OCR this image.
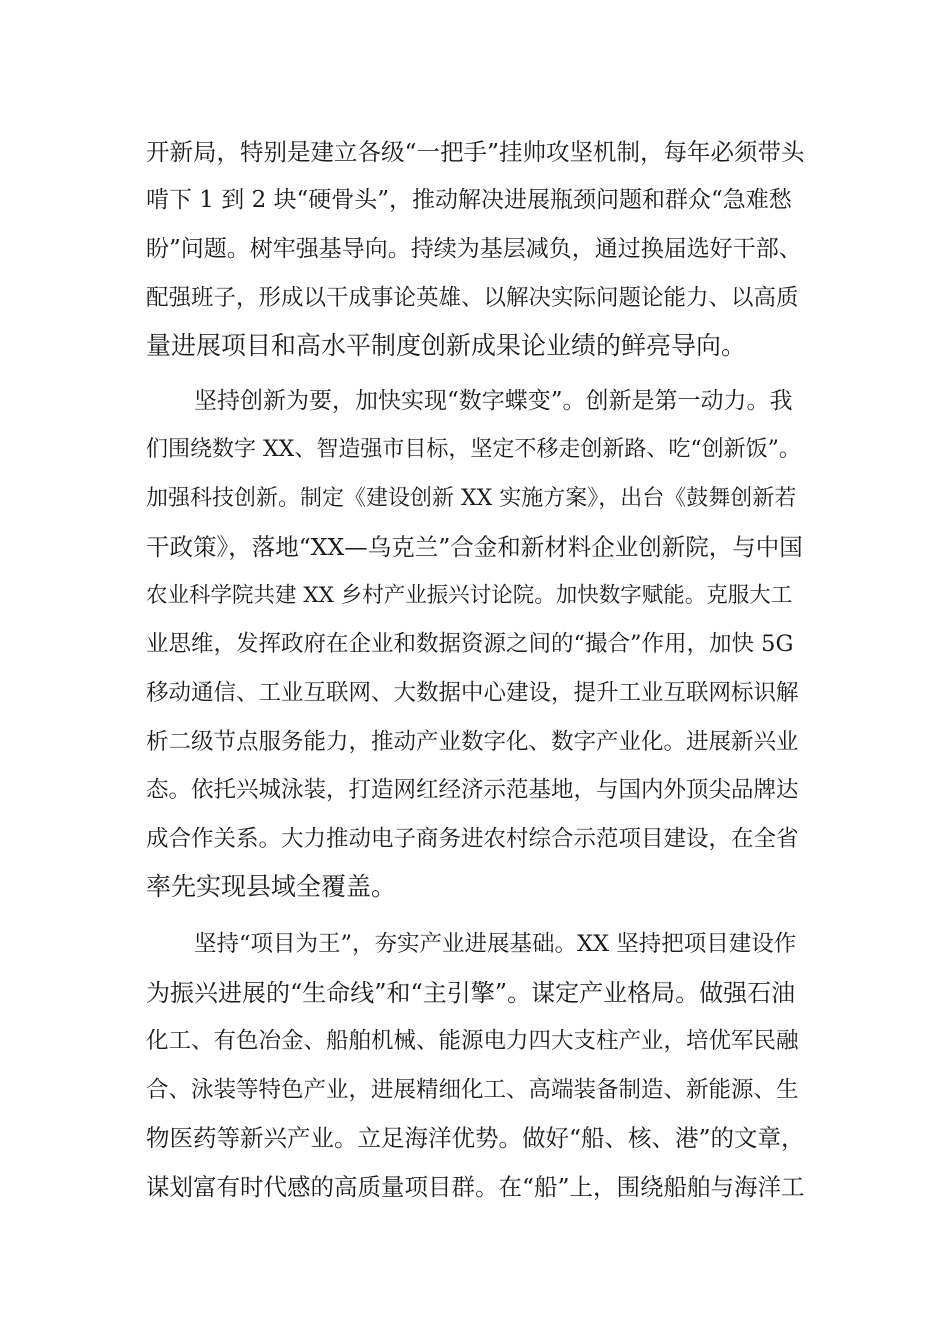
开新局，特别是建立各级“一把手”挂帅攻坚机制，每年必须带头
啃下 1 到 2 块“硬骨头”，推动解决进展瓶颈问题和群众“急难愁
盼”问题。树牢强基导向。持续为基层减负，通过换届选好干部、
配强班子，形成以干成事论英雄、以解决实际问题论能力、以高质
量进展项目和高水平制度创新成果论业绩的鲜亮导向。
坚持创新为要，加快实现“数字蝶变”。创新是第一动力。我
们围绕数字 XX、智造强市目标，坚定不移走创新路、吃“创新饭”。
加强科技创新。制定《建设创新 XX 实施方案》，出台《鼓舞创新若
干政策》，落地“XX—乌克兰”合金和新材料企业创新院，与中国
农业科学院共建 XX 乡村产业振兴讨论院。加快数字赋能。克服大工
业思维，发挥政府在企业和数据资源之间的“撮合”作用，加快 5G
移动通信、工业互联网、大数据中心建设，提升工业互联网标识解
析二级节点服务能力，推动产业数字化、数字产业化。进展新兴业
态。依托兴城泳装，打造网红经济示范基地，与国内外顶尖品牌达
成合作关系。大力推动电子商务进农村综合示范项目建设，在全省
率先实现县域全覆盖。
坚持“项目为王”，夯实产业进展基础。XX 坚持把项目建设作
为振兴进展的“生命线”和“主引擎”。谋定产业格局。做强石油
化工、有色冶金、船舶机械、能源电力四大支柱产业，培优军民融
合、泳装等特色产业，进展精细化工、高端装备制造、新能源、生
物医药等新兴产业。立足海洋优势。做好“船、核、港”的文章，
谋划富有时代感的高质量项目群。在“船”上，围绕船舶与海洋工
